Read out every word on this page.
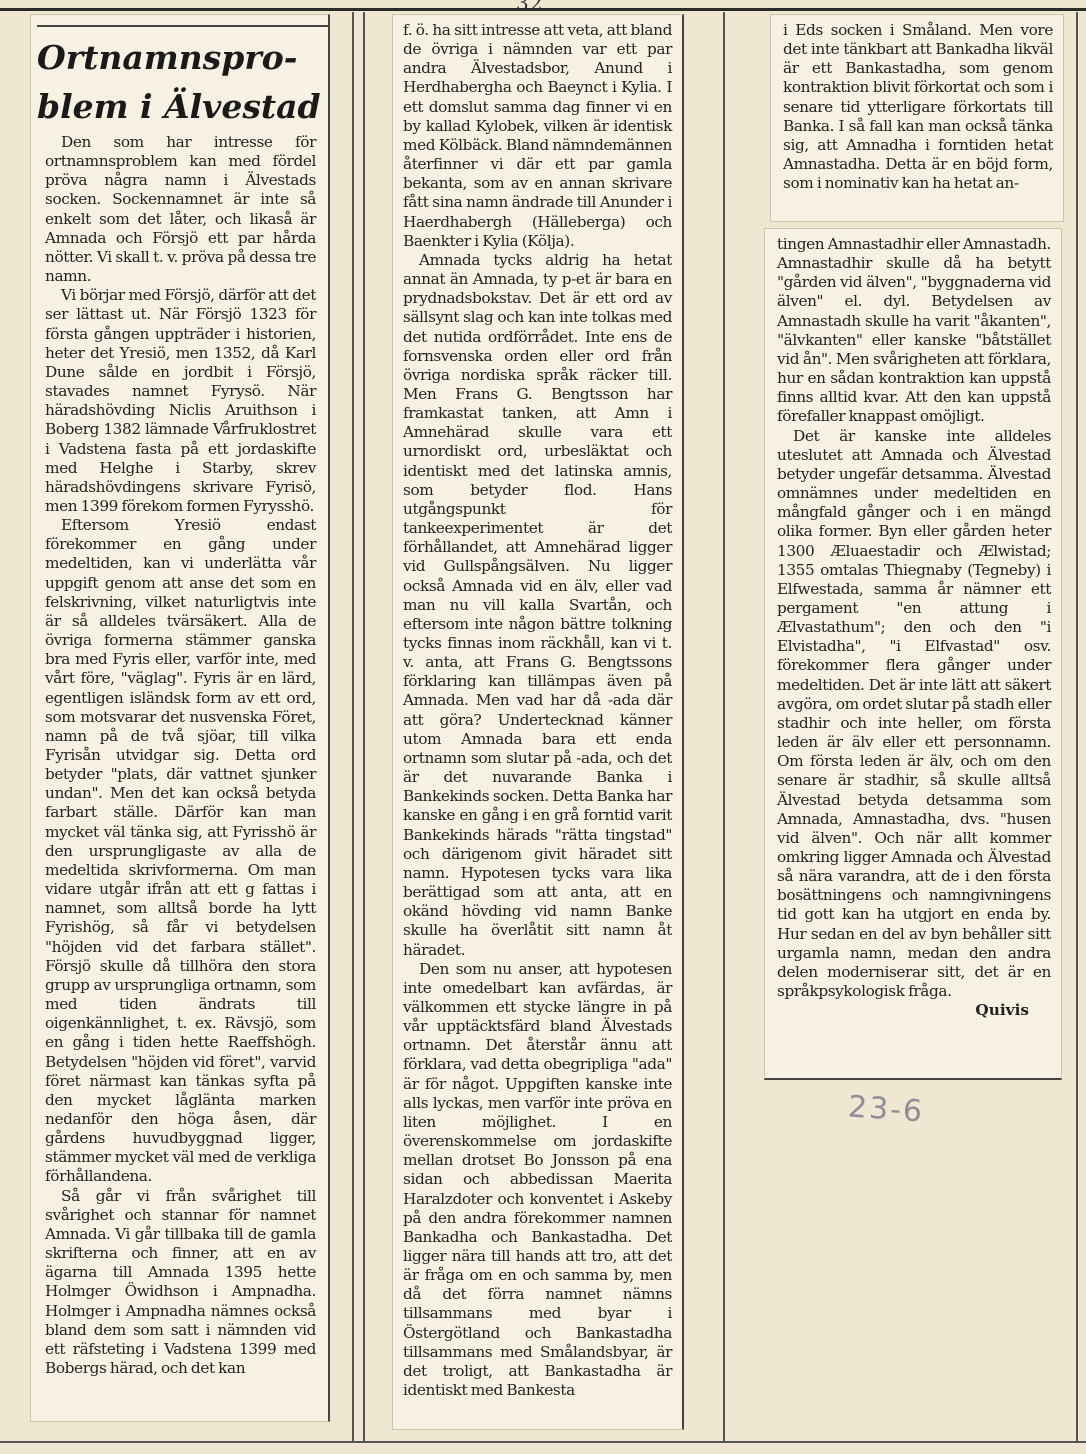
Ortnamnspro-
blem i Älvestad

Den som har intresse för ortnamnsproblem kan med fördel pröva några namn i Älvestads socken. Sockennamnet är inte så enkelt som det låter, och likaså är Amnada och Försjö ett par hårda nötter. Vi skall t. v. pröva på dessa tre namn.

Vi börjar med Försjö, därför att det ser lättast ut. När Försjö 1323 för första gången uppträder i historien, heter det Yresiö, men 1352, då Karl Dune sålde en jordbit i Försjö, stavades namnet Fyrysö. När häradshövding Niclis Aruithson i Boberg 1382 lämnade Vårfruklostret i Vadstena fasta på ett jordaskifte med Helghe i Starby, skrev häradshövdingens skrivare Fyrisö, men 1399 förekom formen Fyrysshö.

Eftersom Yresiö endast förekommer en gång under medeltiden, kan vi underlätta vår uppgift genom att anse det som en felskrivning, vilket naturligtvis inte är så alldeles tvärsäkert. Alla de övriga formerna stämmer ganska bra med Fyris eller, varför inte, med vårt före, "väglag". Fyris är en lärd, egentligen isländsk form av ett ord, som motsvarar det nusvenska Föret, namn på de två sjöar, till vilka Fyrisån utvidgar sig. Detta ord betyder "plats, där vattnet sjunker undan". Men det kan också betyda farbart ställe. Därför kan man mycket väl tänka sig, att Fyrisshö är den ursprungligaste av alla de medeltida skrivformerna. Om man vidare utgår ifrån att ett g fattas i namnet, som alltså borde ha lytt Fyrishög, så får vi betydelsen "höjden vid det farbara stället". Försjö skulle då tillhöra den stora grupp av ursprungliga ortnamn, som med tiden ändrats till oigenkännlighet, t. ex. Rävsjö, som en gång i tiden hette Raeffshögh. Betydelsen "höjden vid föret", varvid föret närmast kan tänkas syfta på den mycket låglänta marken nedanför den höga åsen, där gårdens huvudbyggnad ligger, stämmer mycket väl med de verkliga förhållandena.

Så går vi från svårighet till svårighet och stannar för namnet Amnada. Vi går tillbaka till de gamla skrifterna och finner, att en av ägarna till Amnada 1395 hette Holmger Öwidhson i Ampnadha. Holmger i Ampnadha nämnes också bland dem som satt i nämnden vid ett räfsteting i Vadstena 1399 med Bobergs härad, och det kan

f. ö. ha sitt intresse att veta, att bland de övriga i nämnden var ett par andra Älvestadsbor, Anund i Herdhabergha och Baeynct i Kylia. I ett domslut samma dag finner vi en by kallad Kylobek, vilken är identisk med Kölbäck. Bland nämndemännen återfinner vi där ett par gamla bekanta, som av en annan skrivare fått sina namn ändrade till Anunder i Haerdhabergh (Hälleberga) och Baenkter i Kylia (Kölja).

Amnada tycks aldrig ha hetat annat än Amnada, ty p-et är bara en prydnadsbokstav. Det är ett ord av sällsynt slag och kan inte tolkas med det nutida ordförrådet. Inte ens de fornsvenska orden eller ord från övriga nordiska språk räcker till. Men Frans G. Bengtsson har framkastat tanken, att Amn i Amnehärad skulle vara ett urnordiskt ord, urbesläktat och identiskt med det latinska amnis, som betyder flod. Hans utgångspunkt för tankeexperimentet är det förhållandet, att Amnehärad ligger vid Gullspångsälven. Nu ligger också Amnada vid en älv, eller vad man nu vill kalla Svartån, och eftersom inte någon bättre tolkning tycks finnas inom räckhåll, kan vi t. v. anta, att Frans G. Bengtssons förklaring kan tillämpas även på Amnada. Men vad har då -ada där att göra? Undertecknad känner utom Amnada bara ett enda ortnamn som slutar på -ada, och det är det nuvarande Banka i Bankekinds socken. Detta Banka har kanske en gång i en grå forntid varit Bankekinds härads "rätta tingstad" och därigenom givit häradet sitt namn. Hypotesen tycks vara lika berättigad som att anta, att en okänd hövding vid namn Banke skulle ha överlåtit sitt namn åt häradet.

Den som nu anser, att hypotesen inte omedelbart kan avfärdas, är välkommen ett stycke längre in på vår upptäcktsfärd bland Älvestads ortnamn. Det återstår ännu att förklara, vad detta obegripliga "ada" är för något. Uppgiften kanske inte alls lyckas, men varför inte pröva en liten möjlighet. I en överenskommelse om jordaskifte mellan drotset Bo Jonsson på ena sidan och abbedissan Maerita Haralzdoter och konventet i Askeby på den andra förekommer namnen Bankadha och Bankastadha. Det ligger nära till hands att tro, att det är fråga om en och samma by, men då det förra namnet nämns tillsammans med byar i Östergötland och Bankastadha tillsammans med Smålandsbyar, är det troligt, att Bankastadha är identiskt med Bankesta

i Eds socken i Småland. Men vore det inte tänkbart att Bankadha likväl är ett Bankastadha, som genom kontraktion blivit förkortat och som i senare tid ytterligare förkortats till Banka. I så fall kan man också tänka sig, att Amnadha i forntiden hetat Amnastadha. Detta är en böjd form, som i nominativ kan ha hetat an-

tingen Amnastadhir eller Amnastadh. Amnastadhir skulle då ha betytt "gården vid älven", "byggnaderna vid älven" el. dyl. Betydelsen av Amnastadh skulle ha varit "åkanten", "älvkanten" eller kanske "båtstället vid ån". Men svårigheten att förklara, hur en sådan kontraktion kan uppstå finns alltid kvar. Att den kan uppstå förefaller knappast omöjligt.

Det är kanske inte alldeles uteslutet att Amnada och Älvestad betyder ungefär detsamma. Älvestad omnämnes under medeltiden en mångfald gånger och i en mängd olika former. Byn eller gården heter 1300 Æluaestadir och Ælwistad; 1355 omtalas Thiegnaby (Tegneby) i Elfwestada, samma år nämner ett pergament "en attung i Ælvastathum"; den och den "i Elvistadha", "i Elfvastad" osv. förekommer flera gånger under medeltiden. Det är inte lätt att säkert avgöra, om ordet slutar på stadh eller stadhir och inte heller, om första leden är älv eller ett personnamn. Om första leden är älv, och om den senare är stadhir, så skulle alltså Älvestad betyda detsamma som Amnada, Amnastadha, dvs. "husen vid älven". Och när allt kommer omkring ligger Amnada och Älvestad så nära varandra, att de i den första bosättningens och namngivningens tid gott kan ha utgjort en enda by. Hur sedan en del av byn behåller sitt urgamla namn, medan den andra delen moderniserar sitt, det är en språkpsykologisk fråga.

Quivis
23-6
